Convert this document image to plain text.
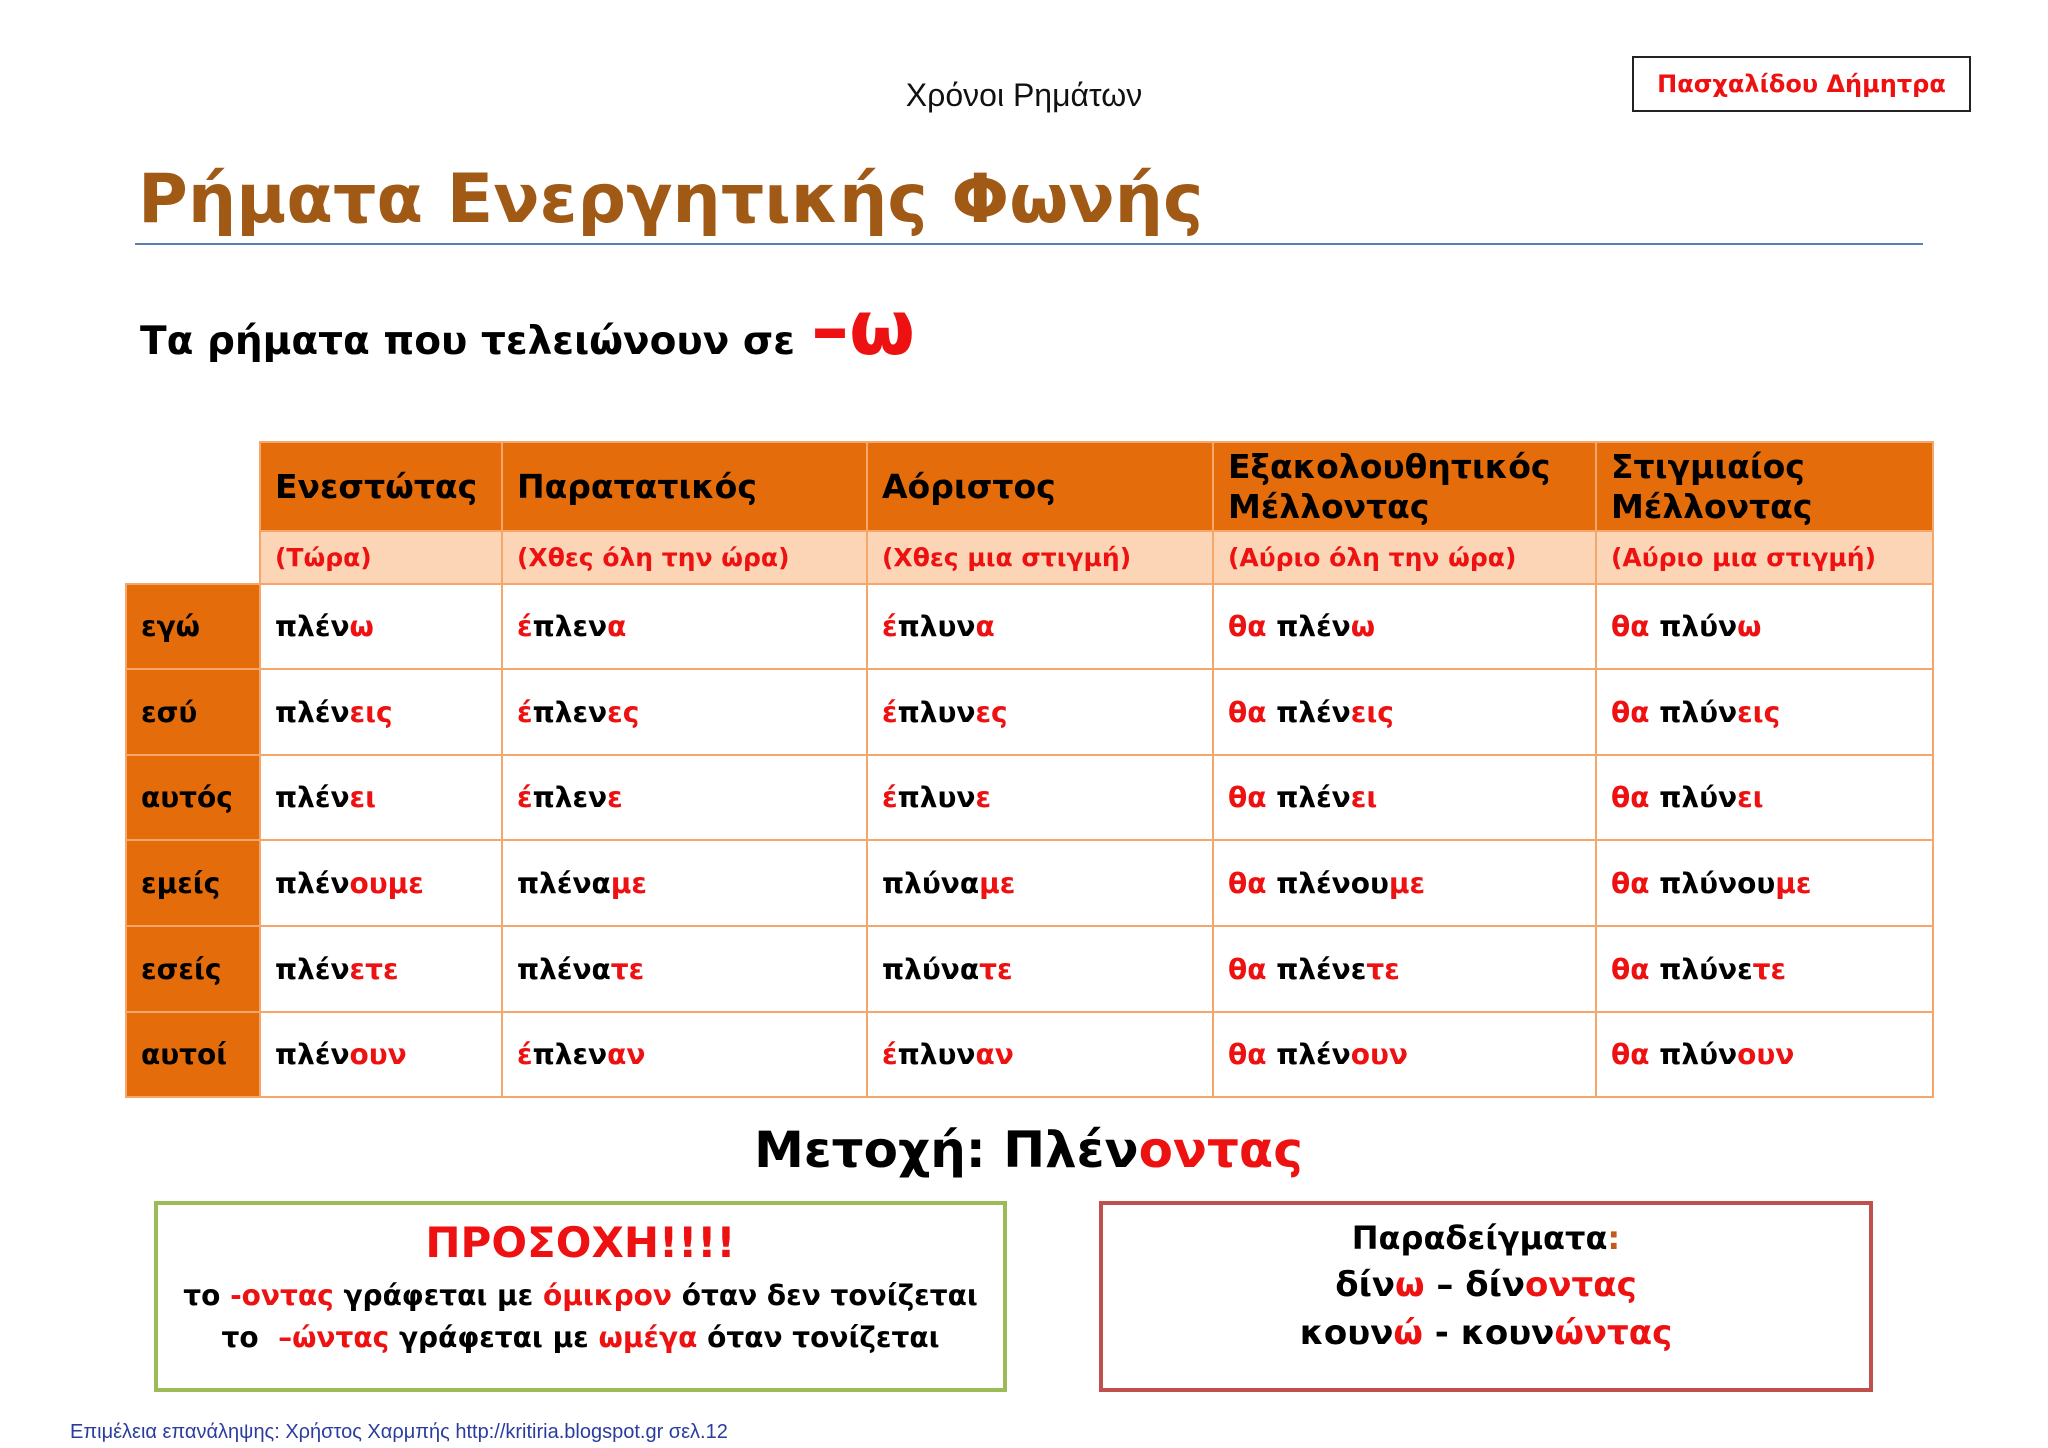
Χρόνοι Ρημάτων	Πασχαλίδου Δήμητρα
Ρήματα Ενεργητικής Φωνής
Τα ρήματα που τελειώνουν σε –ω
	Ενεστώτας	Παρατατικός	Αόριστος	Εξακολουθητικός Μέλλοντας	Στιγμιαίος Μέλλοντας
	(Τώρα)	(Χθες όλη την ώρα)	(Χθες μια στιγμή)	(Αύριο όλη την ώρα)	(Αύριο μια στιγμή)
εγώ	πλένω	έπλενα	έπλυνα	θα πλένω	θα πλύνω
εσύ	πλένεις	έπλενες	έπλυνες	θα πλένεις	θα πλύνεις
αυτός	πλένει	έπλενε	έπλυνε	θα πλένει	θα πλύνει
εμείς	πλένουμε	πλέναμε	πλύναμε	θα πλένουμε	θα πλύνουμε
εσείς	πλένετε	πλένατε	πλύνατε	θα πλένετε	θα πλύνετε
αυτοί	πλένουν	έπλεναν	έπλυναν	θα πλένουν	θα πλύνουν
Μετοχή: Πλένοντας
ΠΡΟΣΟΧΗ!!!!
το -οντας γράφεται με όμικρον όταν δεν τονίζεται
το  –ώντας γράφεται με ωμέγα όταν τονίζεται
Παραδείγματα:
δίνω – δίνοντας
κουνώ - κουνώντας
Επιμέλεια επανάληψης: Χρήστος Χαρμπής http://kritiria.blogspot.gr σελ.12
